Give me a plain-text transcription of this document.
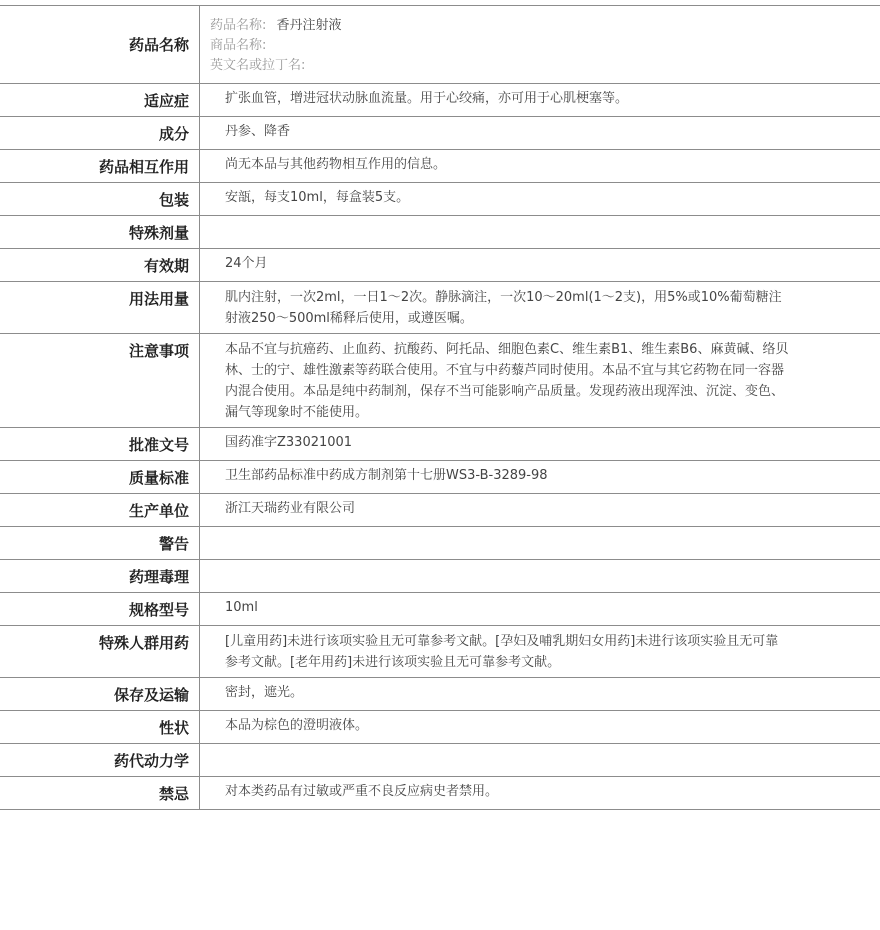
药品名称
药品名称: 香丹注射液
商品名称:
英文名或拉丁名:
适应症	扩张血管，增进冠状动脉血流量。用于心绞痛，亦可用于心肌梗塞等。
成分	丹参、降香
药品相互作用	尚无本品与其他药物相互作用的信息。
包装	安瓿，每支10ml，每盒装5支。
特殊剂量
有效期	24个月
用法用量	肌内注射，一次2ml，一日1～2次。静脉滴注，一次10～20ml(1～2支)，用5%或10%葡萄糖注射液250～500ml稀释后使用，或遵医嘱。
注意事项	本品不宜与抗癌药、止血药、抗酸药、阿托品、细胞色素C、维生素B1、维生素B6、麻黄碱、络贝林、士的宁、雄性激素等药联合使用。不宜与中药藜芦同时使用。本品不宜与其它药物在同一容器内混合使用。本品是纯中药制剂，保存不当可能影响产品质量。发现药液出现浑浊、沉淀、变色、漏气等现象时不能使用。
批准文号	国药准字Z33021001
质量标准	卫生部药品标准中药成方制剂第十七册WS3-B-3289-98
生产单位	浙江天瑞药业有限公司
警告
药理毒理
规格型号	10ml
特殊人群用药	[儿童用药]未进行该项实验且无可靠参考文献。[孕妇及哺乳期妇女用药]未进行该项实验且无可靠参考文献。[老年用药]未进行该项实验且无可靠参考文献。
保存及运输	密封，遮光。
性状	本品为棕色的澄明液体。
药代动力学
禁忌	对本类药品有过敏或严重不良反应病史者禁用。
